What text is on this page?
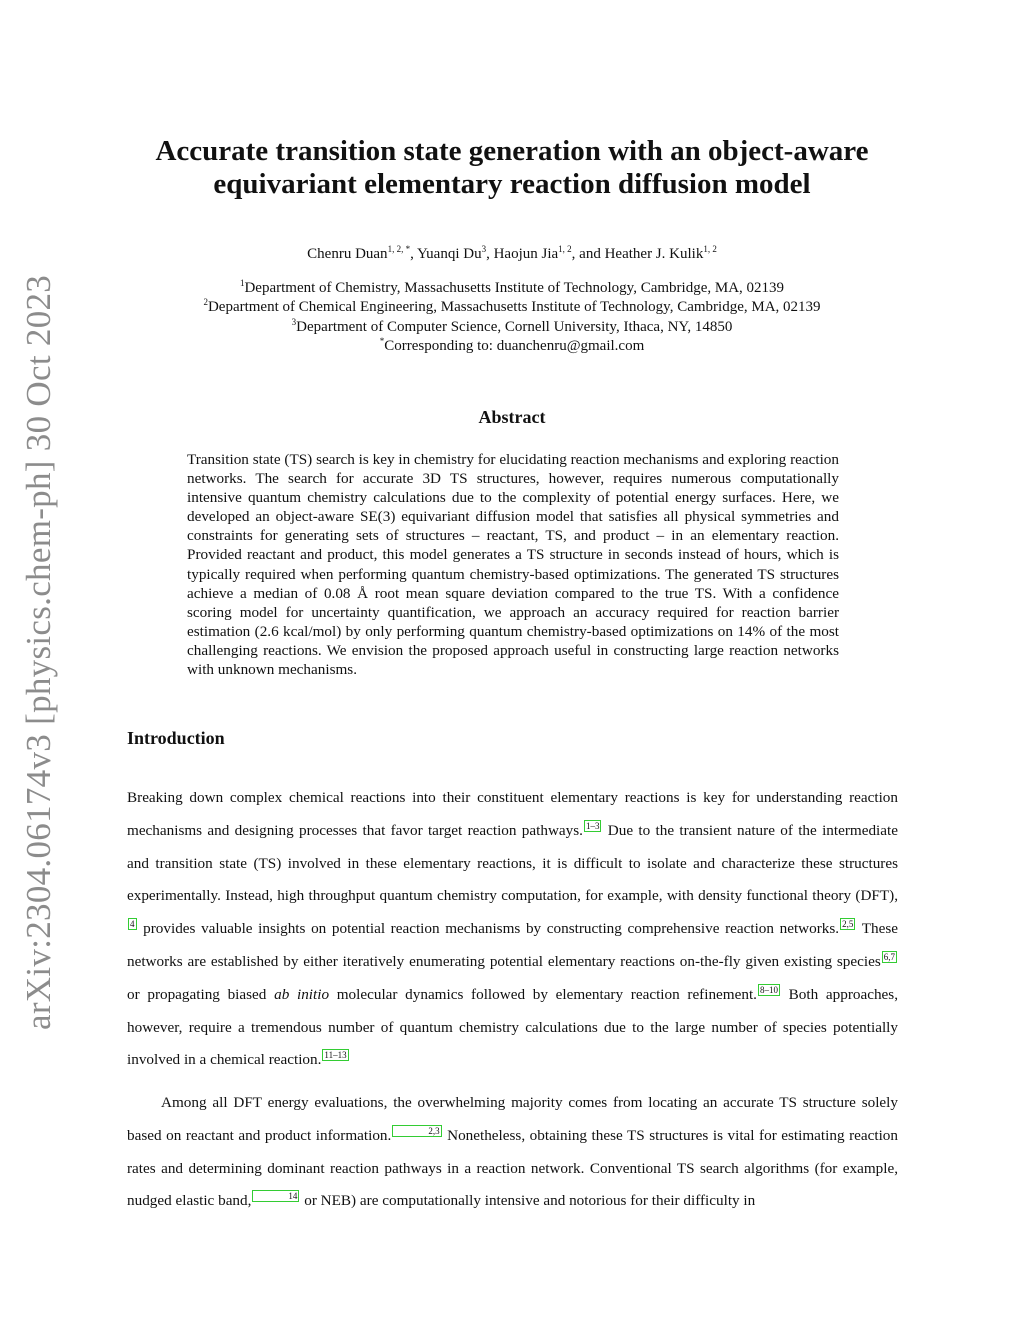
arXiv:2304.06174v3 [physics.chem-ph] 30 Oct 2023
Accurate transition state generation with an object-aware
equivariant elementary reaction diffusion model
Chenru Duan$^{1, 2, *}$, Yuanqi Du$^3$, Haojun Jia$^{1, 2}$, and Heather J. Kulik$^{1, 2}$
$^1$Department of Chemistry, Massachusetts Institute of Technology, Cambridge, MA, 02139
$^2$Department of Chemical Engineering, Massachusetts Institute of Technology, Cambridge, MA, 02139
$^3$Department of Computer Science, Cornell University, Ithaca, NY, 14850
*Corresponding to: duanchenru@gmail.com
Abstract

Transition state (TS) search is key in chemistry for elucidating reaction mechanisms and exploring reaction networks. The search for accurate 3D TS structures, however, requires numerous computationally intensive quantum chemistry calculations due to the complexity of potential energy surfaces. Here, we developed an object-aware SE(3) equivariant diffusion model that satisfies all physical symmetries and constraints for generating sets of structures – reactant, TS, and product – in an elementary reaction. Provided reactant and product, this model generates a TS structure in seconds instead of hours, which is typically required when performing quantum chemistry-based optimizations. The generated TS structures achieve a median of 0.08 Å root mean square deviation compared to the true TS. With a confidence scoring model for uncertainty quantification, we approach an accuracy required for reaction barrier estimation (2.6 kcal/mol) by only performing quantum chemistry-based optimizations on 14% of the most challenging reactions. We envision the proposed approach useful in constructing large reaction networks with unknown mechanisms.

Introduction

Breaking down complex chemical reactions into their constituent elementary reactions is key for understanding reaction mechanisms and designing processes that favor target reaction pathways. 1–3 Due to the transient nature of the intermediate and transition state (TS) involved in these elementary reactions, it is difficult to isolate and characterize these structures experimentally. Instead, high throughput quantum chemistry computation, for example, with density functional theory (DFT),4 provides valuable insights on potential reaction mechanisms by constructing comprehensive reaction networks. 2,5 These networks are established by either iteratively enumerating potential elementary reactions on-the-fly given existing species 6,7 or propagating biased ab initio molecular dynamics followed by elementary reaction refinement. 8–10 Both approaches, however, require a tremendous number of quantum chemistry calculations due to the large number of species potentially involved in a chemical reaction. 11–13

Among all DFT energy evaluations, the overwhelming majority comes from locating an accurate TS structure solely based on reactant and product information.	2,3 Nonetheless, obtaining these TS structures is vital for estimating reaction rates and determining dominant reaction pathways in a reaction network. Conventional TS search algorithms (for example, nudged elastic band,	14 or NEB) are computationally intensive and notorious for their difficulty in
